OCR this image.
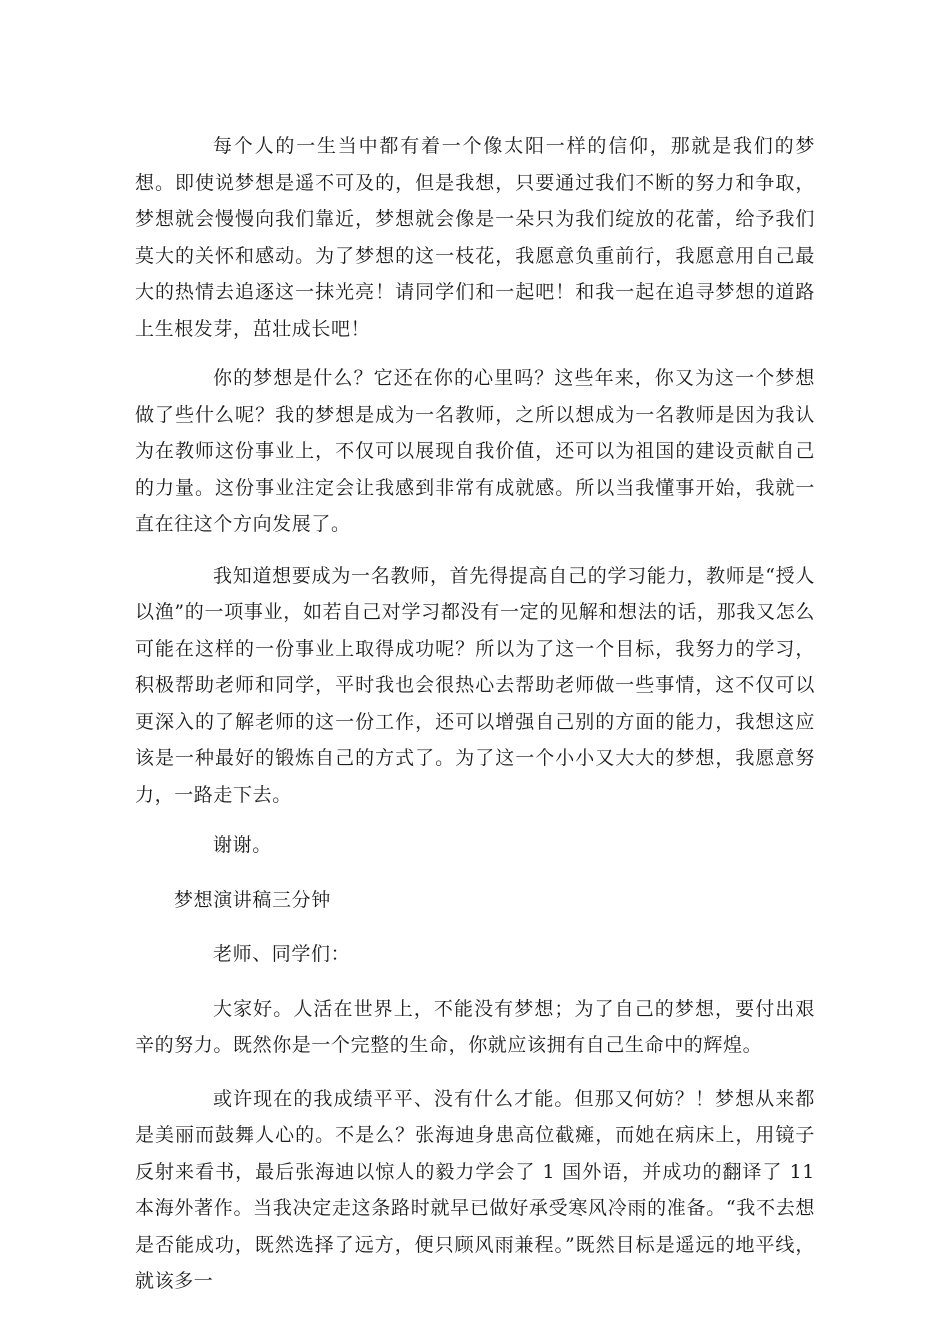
每个人的一生当中都有着一个像太阳一样的信仰，那就是我们的梦想。即使说梦想是遥不可及的，但是我想，只要通过我们不断的努力和争取，梦想就会慢慢向我们靠近，梦想就会像是一朵只为我们绽放的花蕾，给予我们莫大的关怀和感动。为了梦想的这一枝花，我愿意负重前行，我愿意用自己最大的热情去追逐这一抹光亮！请同学们和一起吧！和我一起在追寻梦想的道路上生根发芽，茁壮成长吧！

你的梦想是什么？它还在你的心里吗？这些年来，你又为这一个梦想做了些什么呢？我的梦想是成为一名教师，之所以想成为一名教师是因为我认为在教师这份事业上，不仅可以展现自我价值，还可以为祖国的建设贡献自己的力量。这份事业注定会让我感到非常有成就感。所以当我懂事开始，我就一直在往这个方向发展了。

我知道想要成为一名教师，首先得提高自己的学习能力，教师是“授人以渔”的一项事业，如若自己对学习都没有一定的见解和想法的话，那我又怎么可能在这样的一份事业上取得成功呢？所以为了这一个目标，我努力的学习，积极帮助老师和同学，平时我也会很热心去帮助老师做一些事情，这不仅可以更深入的了解老师的这一份工作，还可以增强自己别的方面的能力，我想这应该是一种最好的锻炼自己的方式了。为了这一个小小又大大的梦想，我愿意努力，一路走下去。

谢谢。

梦想演讲稿三分钟

老师、同学们：

大家好。人活在世界上，不能没有梦想；为了自己的梦想，要付出艰辛的努力。既然你是一个完整的生命，你就应该拥有自己生命中的辉煌。

或许现在的我成绩平平、没有什么才能。但那又何妨？！梦想从来都是美丽而鼓舞人心的。不是么？张海迪身患高位截瘫，而她在病床上，用镜子反射来看书，最后张海迪以惊人的毅力学会了 1 国外语，并成功的翻译了 11 本海外著作。当我决定走这条路时就早已做好承受寒风冷雨的准备。“我不去想是否能成功，既然选择了远方，便只顾风雨兼程。”既然目标是遥远的地平线，就该多一
